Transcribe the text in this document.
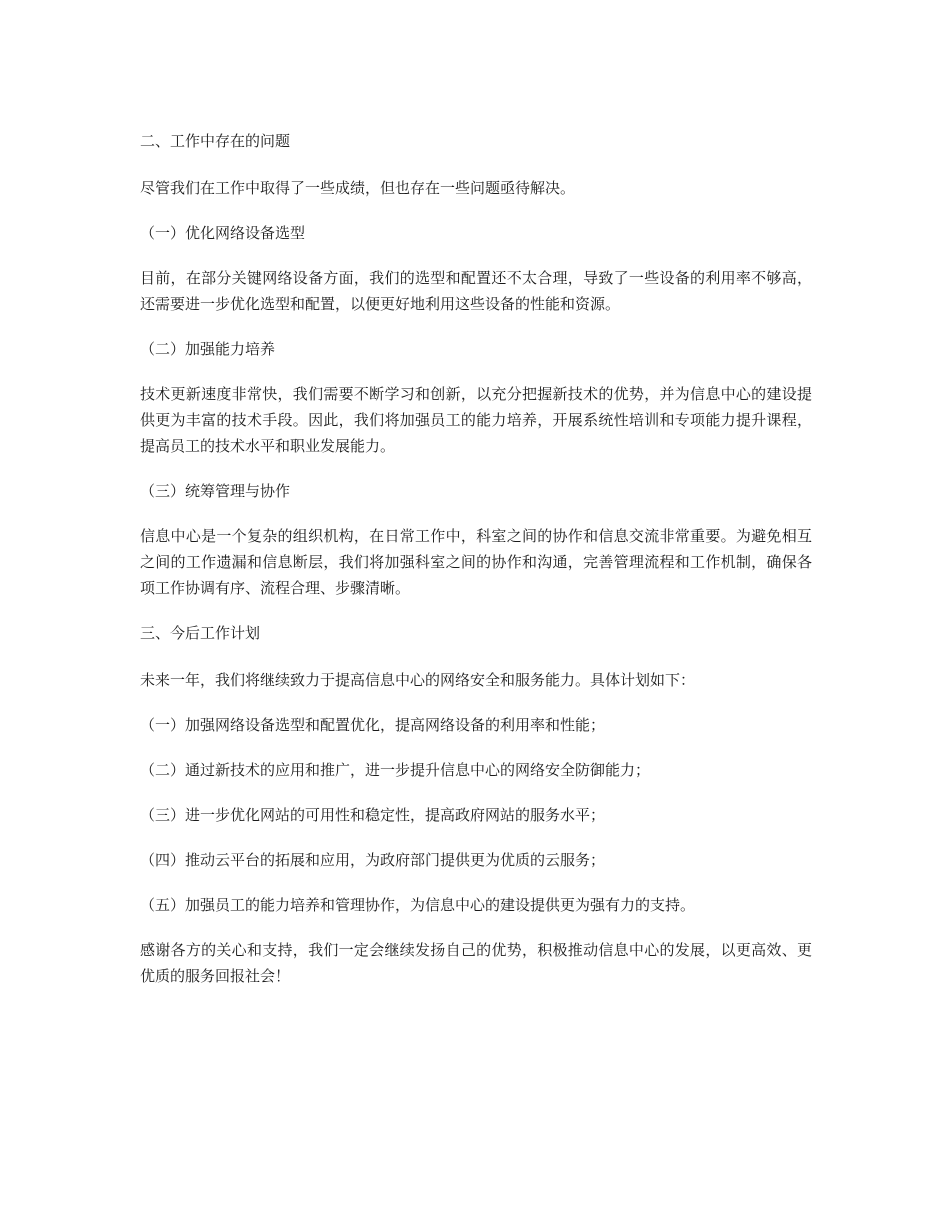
二、工作中存在的问题

尽管我们在工作中取得了一些成绩，但也存在一些问题亟待解决。

（一）优化网络设备选型

目前，在部分关键网络设备方面，我们的选型和配置还不太合理，导致了一些设备的利用率不够高，还需要进一步优化选型和配置，以便更好地利用这些设备的性能和资源。

（二）加强能力培养

技术更新速度非常快，我们需要不断学习和创新，以充分把握新技术的优势，并为信息中心的建设提供更为丰富的技术手段。因此，我们将加强员工的能力培养，开展系统性培训和专项能力提升课程，提高员工的技术水平和职业发展能力。

（三）统筹管理与协作

信息中心是一个复杂的组织机构，在日常工作中，科室之间的协作和信息交流非常重要。为避免相互之间的工作遗漏和信息断层，我们将加强科室之间的协作和沟通，完善管理流程和工作机制，确保各项工作协调有序、流程合理、步骤清晰。

三、今后工作计划

未来一年，我们将继续致力于提高信息中心的网络安全和服务能力。具体计划如下：

（一）加强网络设备选型和配置优化，提高网络设备的利用率和性能；

（二）通过新技术的应用和推广，进一步提升信息中心的网络安全防御能力；

（三）进一步优化网站的可用性和稳定性，提高政府网站的服务水平；

（四）推动云平台的拓展和应用，为政府部门提供更为优质的云服务；

（五）加强员工的能力培养和管理协作，为信息中心的建设提供更为强有力的支持。

感谢各方的关心和支持，我们一定会继续发扬自己的优势，积极推动信息中心的发展，以更高效、更优质的服务回报社会！
